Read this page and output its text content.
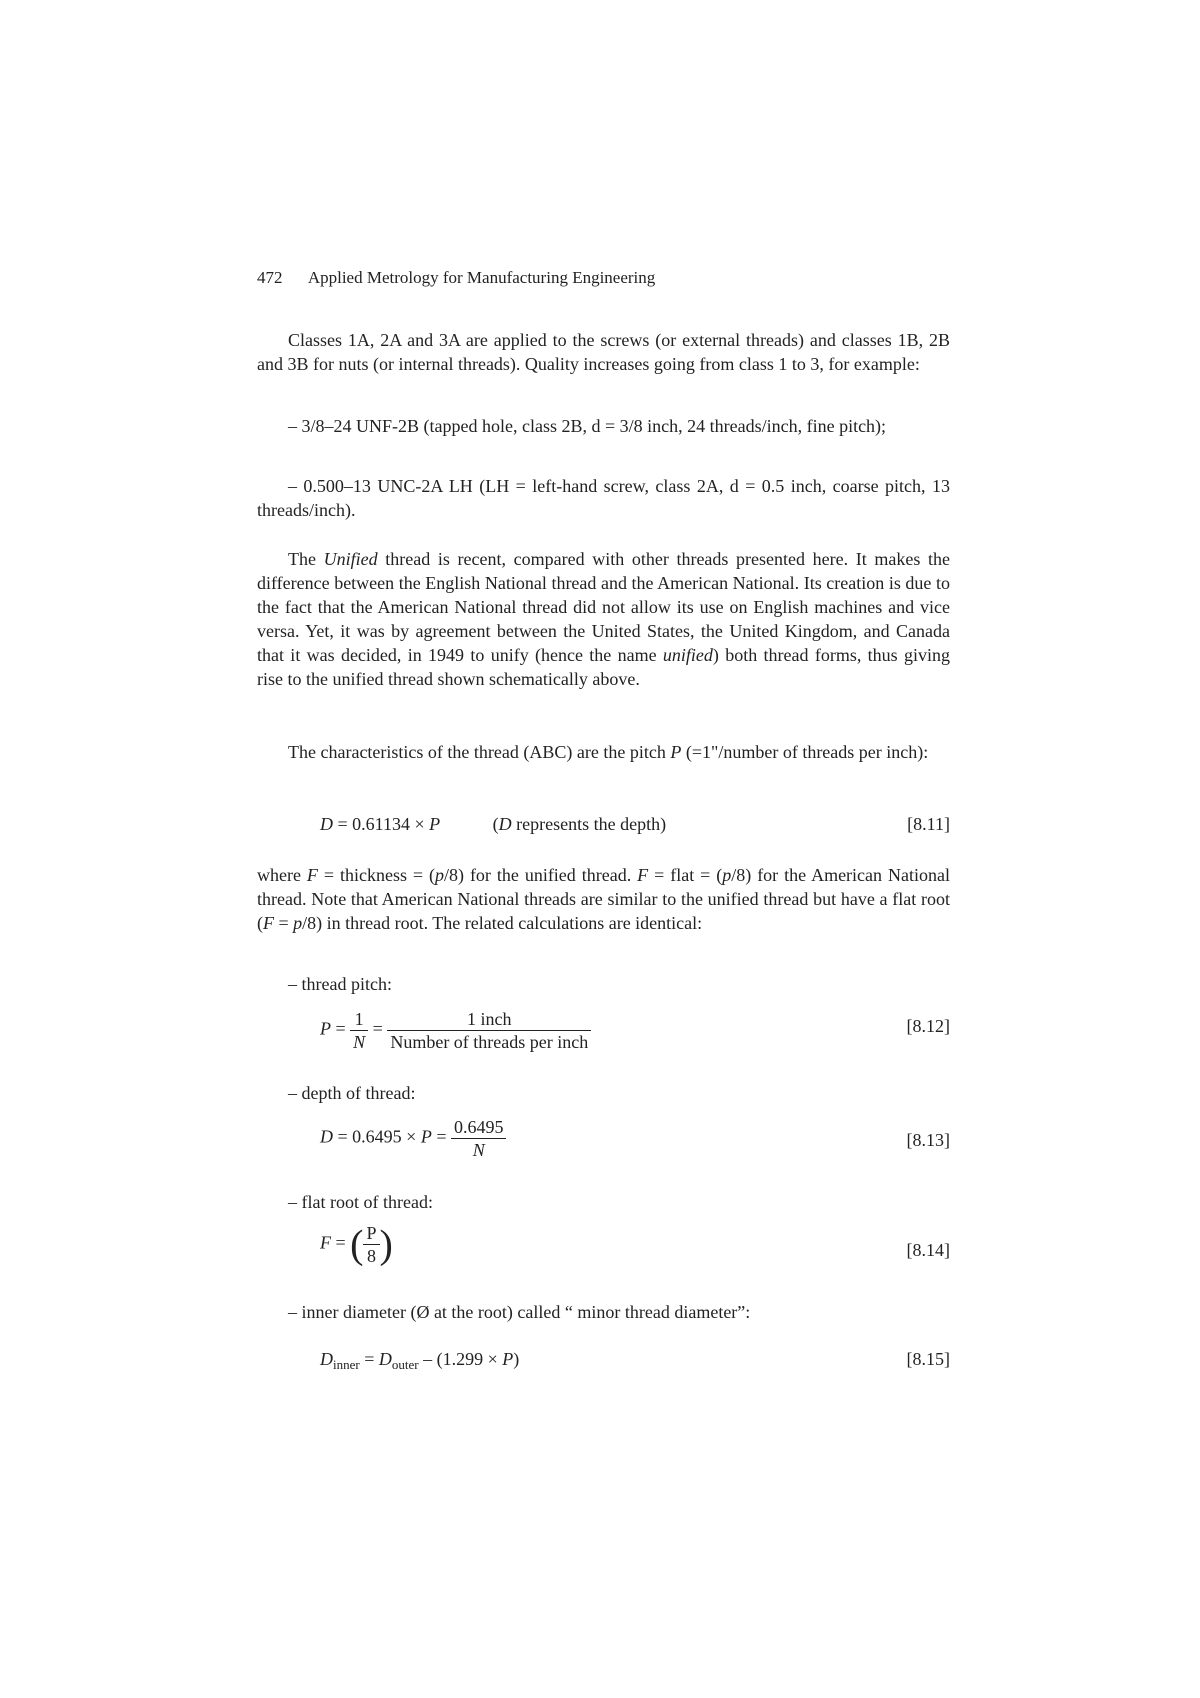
472 Applied Metrology for Manufacturing Engineering
Classes 1A, 2A and 3A are applied to the screws (or external threads) and classes 1B, 2B and 3B for nuts (or internal threads). Quality increases going from class 1 to 3, for example:
– 3/8–24 UNF-2B (tapped hole, class 2B, d = 3/8 inch, 24 threads/inch, fine pitch);
– 0.500–13 UNC-2A LH (LH = left-hand screw, class 2A, d = 0.5 inch, coarse pitch, 13 threads/inch).
The Unified thread is recent, compared with other threads presented here. It makes the difference between the English National thread and the American National. Its creation is due to the fact that the American National thread did not allow its use on English machines and vice versa. Yet, it was by agreement between the United States, the United Kingdom, and Canada that it was decided, in 1949 to unify (hence the name unified) both thread forms, thus giving rise to the unified thread shown schematically above.
The characteristics of the thread (ABC) are the pitch P (=1"/number of threads per inch):
D = 0.61134 × P	(D represents the depth)	[8.11]
where F = thickness = (p/8) for the unified thread. F = flat = (p/8) for the American National thread. Note that American National threads are similar to the unified thread but have a flat root (F = p/8) in thread root. The related calculations are identical:
– thread pitch:
$P = \frac{1}{N} = \frac{\text{1 inch}}{\text{Number of threads per inch}}$	[8.12]
– depth of thread:
$D = 0.6495 \times P = \frac{0.6495}{N}$	[8.13]
– flat root of thread:
F = ( $\frac{P}{8}$ )	[8.14]
– inner diameter (Ø at the root) called “ minor thread diameter”:
$D_{inner} = D_{outer} - (1.299 \times P)$	[8.15]
